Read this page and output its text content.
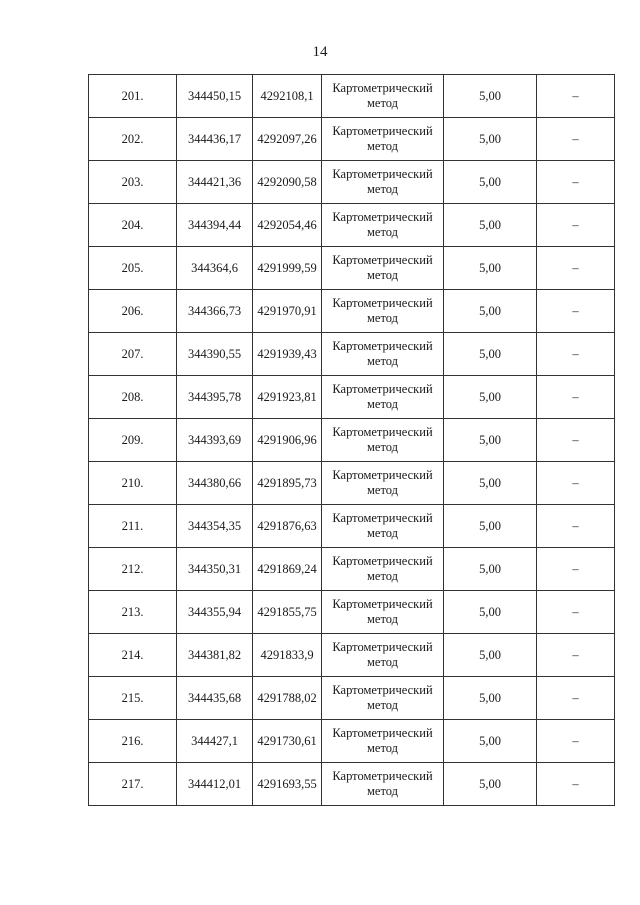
14
201.	344450,15	4292108,1	Картометрический метод	5,00	–
202.	344436,17	4292097,26	Картометрический метод	5,00	–
203.	344421,36	4292090,58	Картометрический метод	5,00	–
204.	344394,44	4292054,46	Картометрический метод	5,00	–
205.	344364,6	4291999,59	Картометрический метод	5,00	–
206.	344366,73	4291970,91	Картометрический метод	5,00	–
207.	344390,55	4291939,43	Картометрический метод	5,00	–
208.	344395,78	4291923,81	Картометрический метод	5,00	–
209.	344393,69	4291906,96	Картометрический метод	5,00	–
210.	344380,66	4291895,73	Картометрический метод	5,00	–
211.	344354,35	4291876,63	Картометрический метод	5,00	–
212.	344350,31	4291869,24	Картометрический метод	5,00	–
213.	344355,94	4291855,75	Картометрический метод	5,00	–
214.	344381,82	4291833,9	Картометрический метод	5,00	–
215.	344435,68	4291788,02	Картометрический метод	5,00	–
216.	344427,1	4291730,61	Картометрический метод	5,00	–
217.	344412,01	4291693,55	Картометрический метод	5,00	–
